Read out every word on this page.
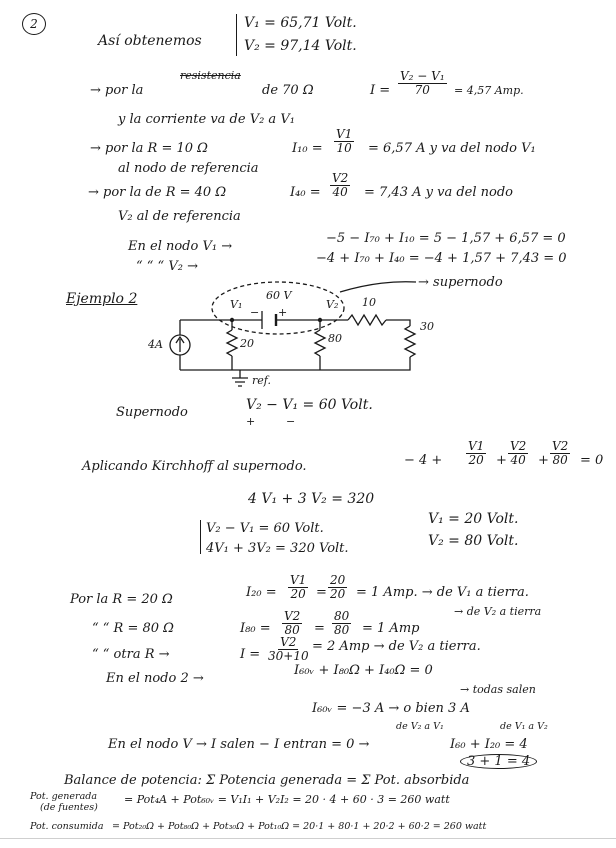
2
Así obtenemos
V₁ = 65,71 Volt.
V₂ = 97,14 Volt.
→ por la
resistencia
de 70 Ω	$I = \frac{\text{V₂ − V₁}}{70} = 4,57$ Amp.
y la corriente va de V₂ a V₁
→ por la R = 10 Ω	$I_{10} = \frac{V1}{10} = 6,57$ A y va del nodo V₁
al nodo de referencia
→ por la de R = 40 Ω	$I_{40} = \frac{V2}{40} = 7,43$ A y va del nodo
V₂ al de referencia
En el nodo V₁ →
−5 − I₇₀ + I₁₀ = 5 − 1,57 + 6,57 = 0
“ “ “ V₂ →
−4 + I₇₀ + I₄₀ = −4 + 1,57 + 7,43 = 0
Ejemplo 2
→ supernodo
V₁	V₂
60 V
+
−
10
20	80
30
4A
ref.
Supernodo	V₂ − V₁ = 60 Volt.
+	−
Aplicando Kirchhoff al supernodo.	− $4 + \frac{V1}{20} + \frac{V2}{40} + \frac{V2}{80} = 0$
4 V₁ + 3 V₂ = 320
V₂ − V₁ = 60 Volt.
4V₁ + 3V₂ = 320 Volt.
V₁ = 20 Volt.
V₂ = 80 Volt.
Por la R = 20 Ω	$I_{20} = \frac{V1}{20} = \frac{20}{20} = 1$ Amp. → de V₁ a tierra.
“ “ R = 80 Ω	$I_{80} = \frac{V2}{80} = \frac{80}{80} = 1$ Amp
→ de V₂ a tierra
“ “ otra R →	$I = \frac{V2}{30+10} = 2$ Amp → de V₂ a tierra.
En el nodo 2 →
I₆₀ᵥ + I₈₀Ω + I₄₀Ω = 0
→ todas salen
I₆₀ᵥ = −3 A → o bien 3 A
de V₂ a V₁	de V₁ a V₂
En el nodo V → I salen − I entran = 0 →	I₆₀ + I₂₀ = 4
3 + 1 = 4
Balance de potencia: Σ Potencia generada = Σ Pot. absorbida
Pot. generada
(de fuentes)
= Pot₄A + Pot₆₀ᵥ = V₁I₁ + V₂I₂ = 20 · 4 + 60 · 3 = 260 watt
Pot. consumida = Pot₂₀Ω + Pot₈₀Ω + Pot₃₀Ω + Pot₁₀Ω = 20·1 + 80·1 + 20·2 + 60·2 = 260 watt
